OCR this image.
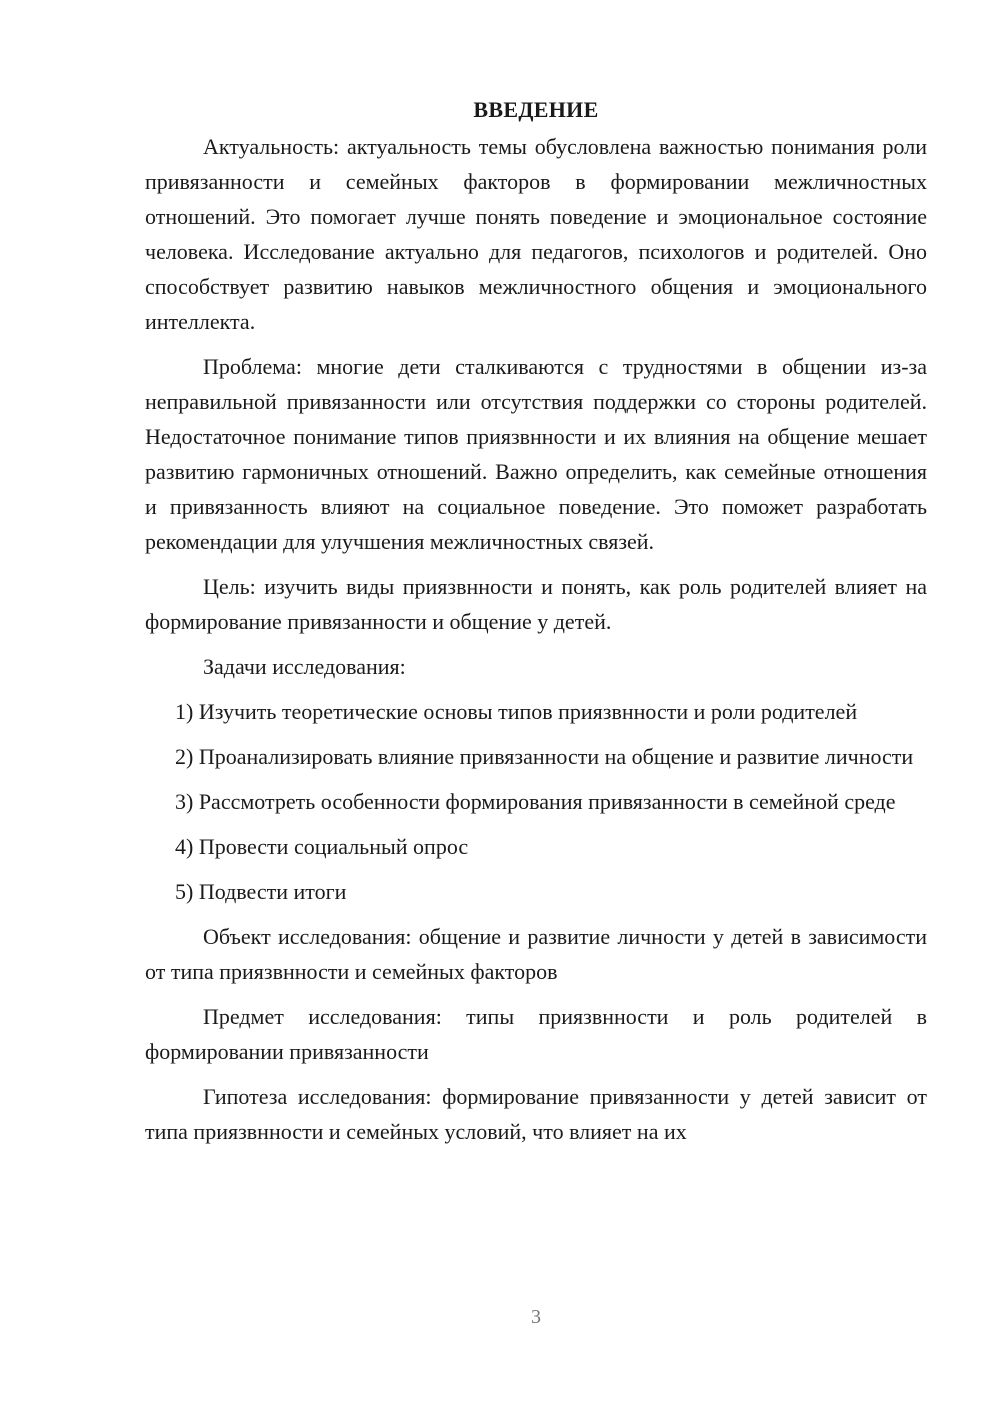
ВВЕДЕНИЕ

Актуальность: актуальность темы обусловлена важностью понимания роли привязанности и семейных факторов в формировании межличностных отношений. Это помогает лучше понять поведение и эмоциональное состояние человека. Исследование актуально для педагогов, психологов и родителей. Оно способствует развитию навыков межличностного общения и эмоционального интеллекта.

Проблема: многие дети сталкиваются с трудностями в общении из-за неправильной привязанности или отсутствия поддержки со стороны родителей. Недостаточное понимание типов приязвнности и их влияния на общение мешает развитию гармоничных отношений. Важно определить, как семейные отношения и привязанность влияют на социальное поведение. Это поможет разработать рекомендации для улучшения межличностных связей.

Цель: изучить виды приязвнности и понять, как роль родителей влияет на формирование привязанности и общение у детей.

Задачи исследования:

1) Изучить теоретические основы типов приязвнности и роли родителей

2) Проанализировать влияние привязанности на общение и развитие личности

3) Рассмотреть особенности формирования привязанности в семейной среде

4) Провести социальный опрос

5) Подвести итоги

Объект исследования: общение и развитие личности у детей в зависимости от типа приязвнности и семейных факторов

Предмет исследования: типы приязвнности и роль родителей в формировании привязанности

Гипотеза исследования: формирование привязанности у детей зависит от типа приязвнности и семейных условий, что влияет на их

3
